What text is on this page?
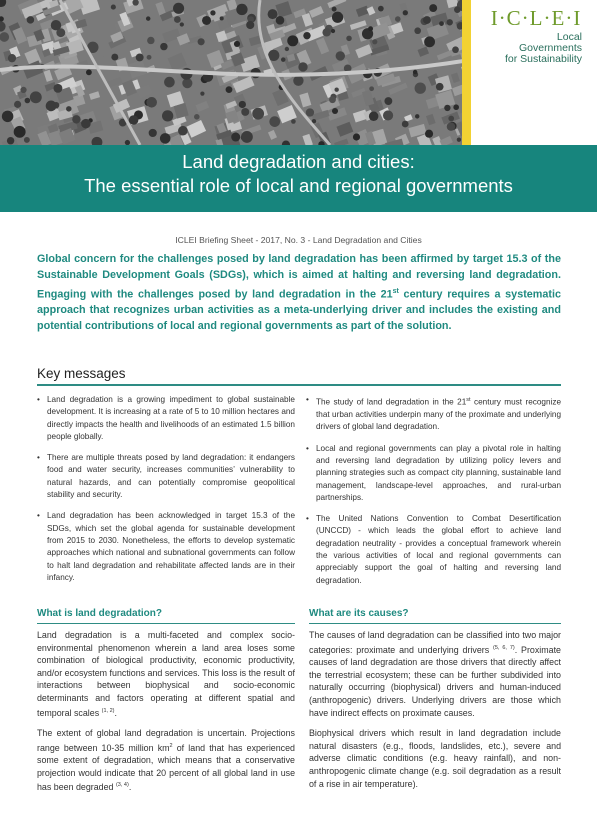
I·C·L·E·I
Local
Governments
for Sustainability
Land degradation and cities:
The essential role of local and regional governments
ICLEI Briefing Sheet - 2017, No. 3 - Land Degradation and Cities
Global concern for the challenges posed by land degradation has been affirmed by target 15.3 of the Sustainable Development Goals (SDGs), which is aimed at halting and reversing land degradation. Engaging with the challenges posed by land degradation in the 21st century requires a systematic approach that recognizes urban activities as a meta-underlying driver and includes the existing and potential contributions of local and regional governments as part of the solution.
Key messages
• Land degradation is a growing impediment to global sustainable development. It is increasing at a rate of 5 to 10 million hectares and directly impacts the health and livelihoods of an estimated 1.5 billion people globally.
• There are multiple threats posed by land degradation: it endangers food and water security, increases communities’ vulnerability to natural hazards, and can potentially compromise geopolitical stability and security.
• Land degradation has been acknowledged in target 15.3 of the SDGs, which set the global agenda for sustainable development from 2015 to 2030. Nonetheless, the efforts to develop systematic approaches which national and subnational governments can follow to halt land degradation and rehabilitate affected lands are in their infancy.
• The study of land degradation in the 21st century must recognize that urban activities underpin many of the proximate and underlying drivers of global land degradation.
• Local and regional governments can play a pivotal role in halting and reversing land degradation by utilizing policy levers and planning strategies such as compact city planning, sustainable land management, landscape-level approaches, and rural-urban partnerships.
• The United Nations Convention to Combat Desertification (UNCCD) - which leads the global effort to achieve land degradation neutrality - provides a conceptual framework wherein the various activities of local and regional governments can appreciably support the goal of halting and reversing land degradation.
What is land degradation?

Land degradation is a multi-faceted and complex socio-environmental phenomenon wherein a land area loses some combination of biological productivity, economic productivity, and/or ecosystem functions and services. This loss is the result of interactions between biophysical and socio-economic determinants and factors operating at different spatial and temporal scales $^{(1, 2)}$.

The extent of global land degradation is uncertain. Projections range between 10-35 million $km^2$ of land that has experienced some extent of degradation, which means that a conservative projection would indicate that 20 percent of all global land in use has been degraded $^{(3, 4)}$.

What are its causes?

The causes of land degradation can be classified into two major categories: proximate and underlying drivers $^{(5, 6, 7)}$. Proximate causes of land degradation are those drivers that directly affect the terrestrial ecosystem; these can be further subdivided into naturally occurring (biophysical) drivers and human-induced (anthropogenic) drivers. Underlying drivers are those which have indirect effects on proximate causes.

Biophysical drivers which result in land degradation include natural disasters (e.g., floods, landslides, etc.), severe and adverse climatic conditions (e.g. heavy rainfall), and non-anthropogenic climate change (e.g. soil degradation as a result of a rise in air temperature).
